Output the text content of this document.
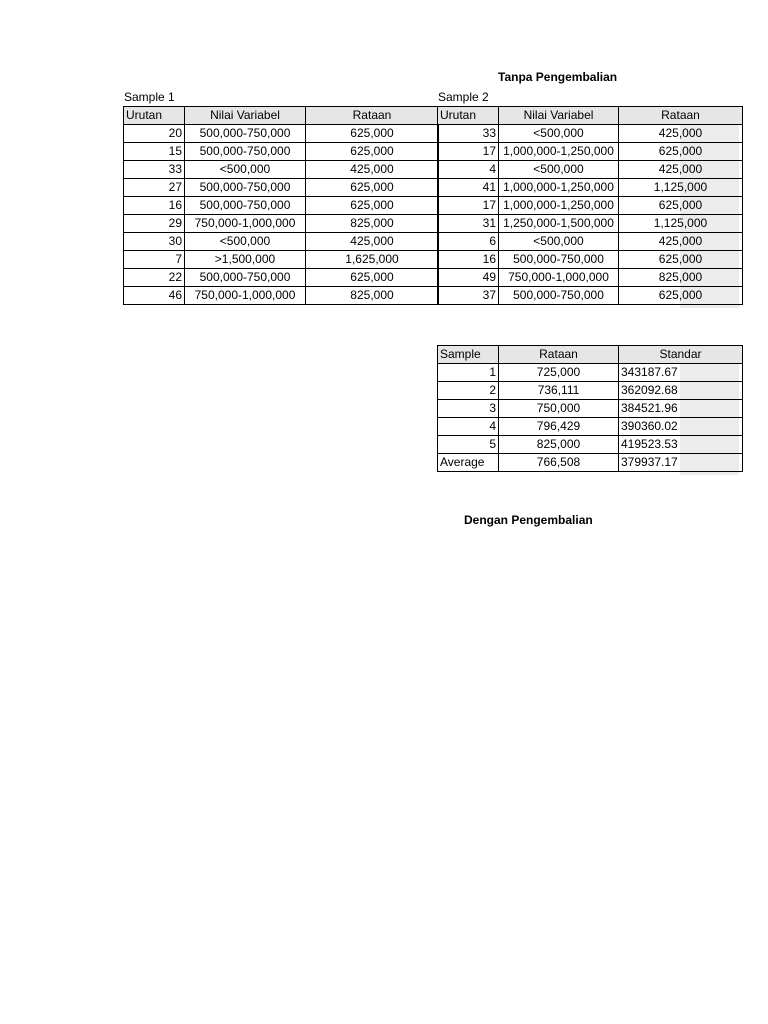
Tanpa Pengembalian
Dengan Pengembalian
Sample 1	Sample 2
Urutan	Nilai Variabel	Rataan
20	500,000-750,000	625,000
15	500,000-750,000	625,000
33	<500,000	425,000
27	500,000-750,000	625,000
16	500,000-750,000	625,000
29	750,000-1,000,000	825,000
30	<500,000	425,000
7	>1,500,000	1,625,000
22	500,000-750,000	625,000
46	750,000-1,000,000	825,000
Urutan	Nilai Variabel	Rataan
33	<500,000	425,000
17	1,000,000-1,250,000	625,000
4	<500,000	425,000
41	1,000,000-1,250,000	1,125,000
17	1,000,000-1,250,000	625,000
31	1,250,000-1,500,000	1,125,000
6	<500,000	425,000
16	500,000-750,000	625,000
49	750,000-1,000,000	825,000
37	500,000-750,000	625,000
Sample	Rataan	Standar
1	725,000	343187.67
2	736,111	362092.68
3	750,000	384521.96
4	796,429	390360.02
5	825,000	419523.53
Average	766,508	379937.17
